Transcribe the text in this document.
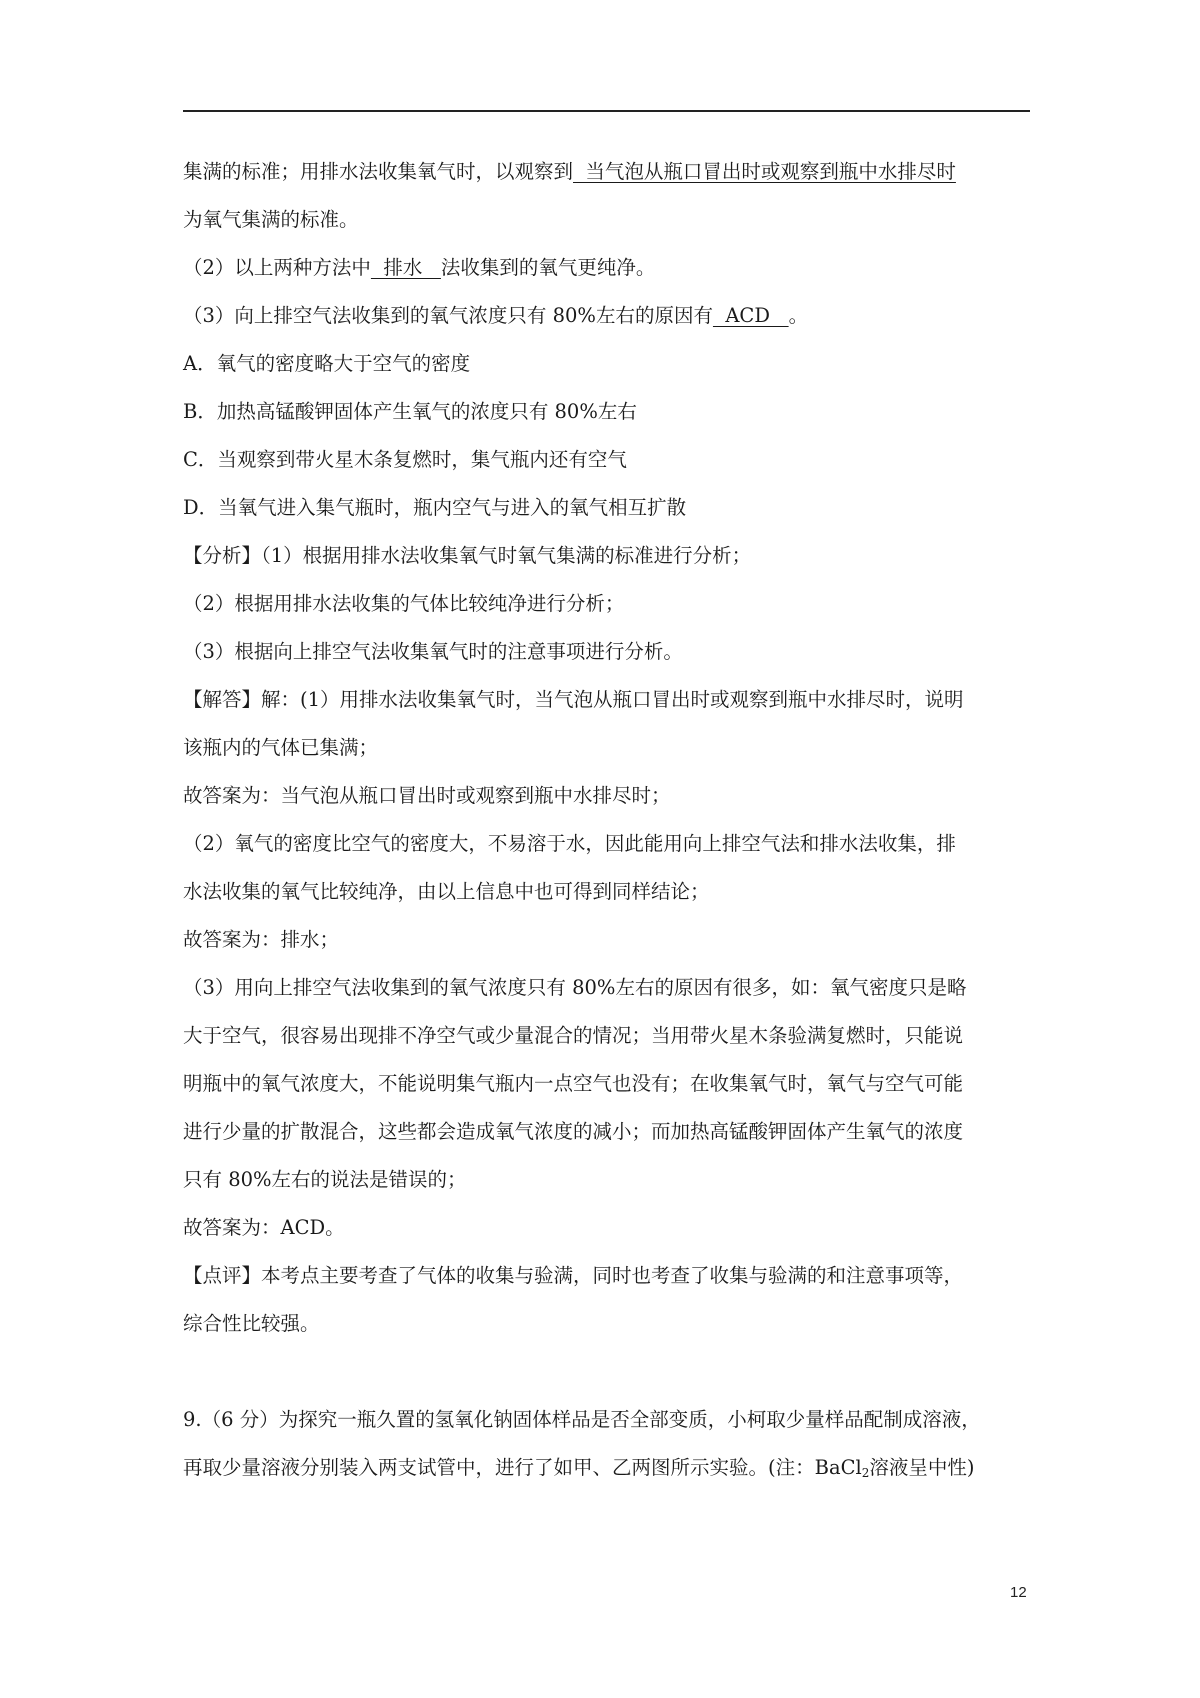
集满的标准；用排水法收集氧气时，以观察到  当气泡从瓶口冒出时或观察到瓶中水排尽时
为氧气集满的标准。
（2）以上两种方法中  排水   法收集到的氧气更纯净。
（3）向上排空气法收集到的氧气浓度只有 80%左右的原因有  ACD   。
A．氧气的密度略大于空气的密度
B．加热高锰酸钾固体产生氧气的浓度只有 80%左右
C．当观察到带火星木条复燃时，集气瓶内还有空气
D．当氧气进入集气瓶时，瓶内空气与进入的氧气相互扩散
【分析】（1）根据用排水法收集氧气时氧气集满的标准进行分析；
（2）根据用排水法收集的气体比较纯净进行分析；
（3）根据向上排空气法收集氧气时的注意事项进行分析。
【解答】解：(1）用排水法收集氧气时，当气泡从瓶口冒出时或观察到瓶中水排尽时，说明
该瓶内的气体已集满；
故答案为：当气泡从瓶口冒出时或观察到瓶中水排尽时；
（2）氧气的密度比空气的密度大，不易溶于水，因此能用向上排空气法和排水法收集，排
水法收集的氧气比较纯净，由以上信息中也可得到同样结论；
故答案为：排水；
（3）用向上排空气法收集到的氧气浓度只有 80%左右的原因有很多，如：氧气密度只是略
大于空气，很容易出现排不净空气或少量混合的情况；当用带火星木条验满复燃时，只能说
明瓶中的氧气浓度大，不能说明集气瓶内一点空气也没有；在收集氧气时，氧气与空气可能
进行少量的扩散混合，这些都会造成氧气浓度的减小；而加热高锰酸钾固体产生氧气的浓度
只有 80%左右的说法是错误的；
故答案为：ACD。
【点评】本考点主要考查了气体的收集与验满，同时也考查了收集与验满的和注意事项等，
综合性比较强。
9.（6 分）为探究一瓶久置的氢氧化钠固体样品是否全部变质，小柯取少量样品配制成溶液，
再取少量溶液分别装入两支试管中，进行了如甲、乙两图所示实验。(注：BaCl$_2$溶液呈中性)
12
